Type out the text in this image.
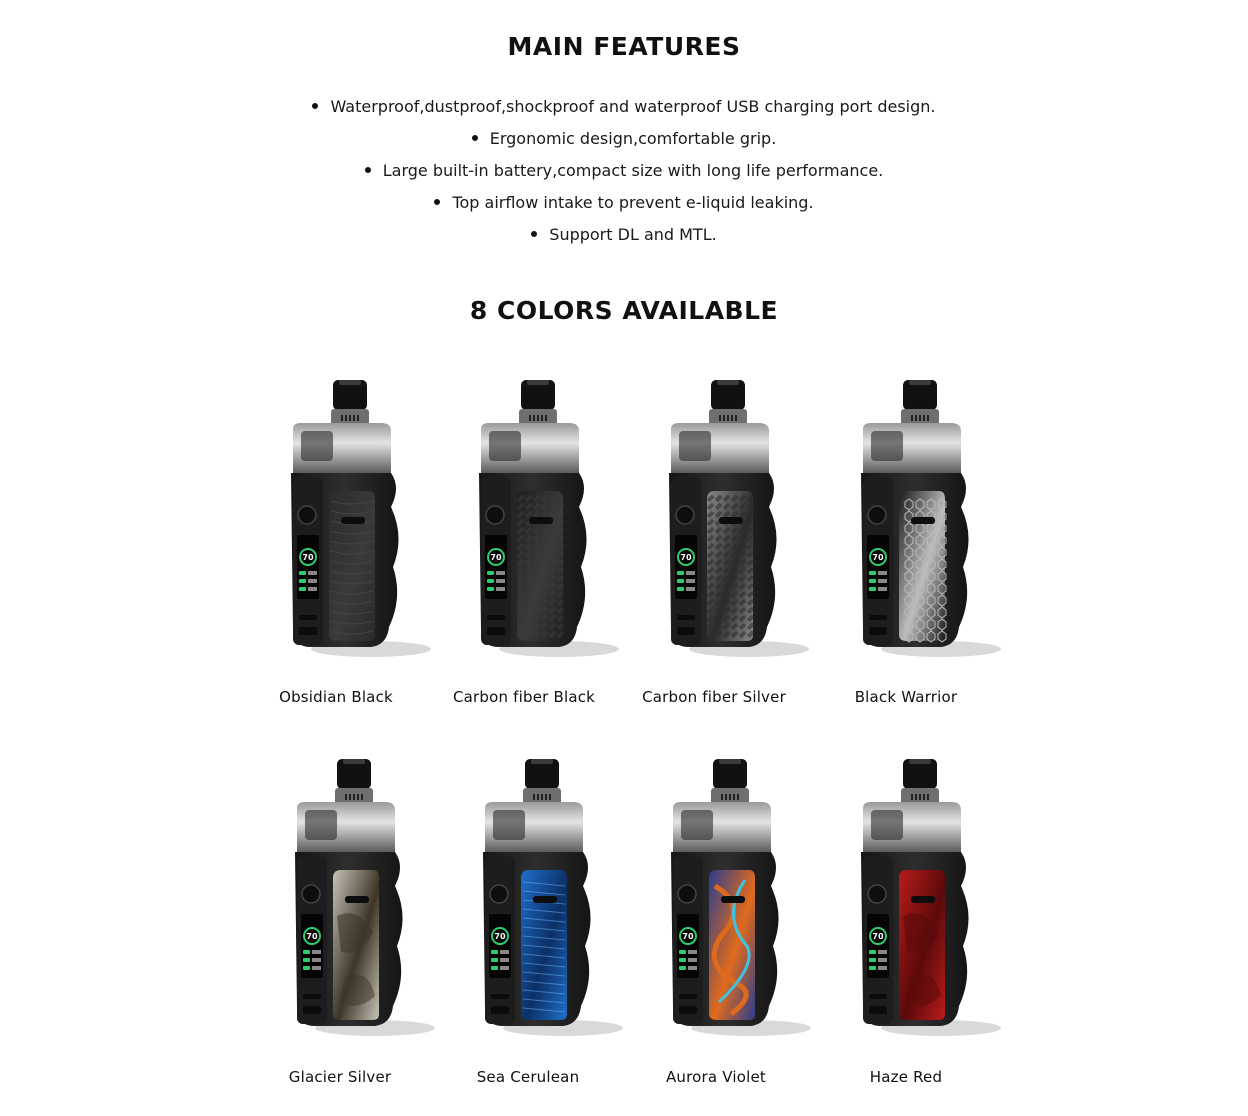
MAIN FEATURES
Waterproof,dustproof,shockproof and waterproof USB charging port design.
Ergonomic design,comfortable grip.
Large built-in battery,compact size with long life performance.
Top airflow intake to prevent e-liquid leaking.
Support DL and MTL.
8 COLORS AVAILABLE
70
Obsidian Black
70
Carbon fiber Black
70
Carbon fiber Silver
70
Black Warrior
70
Glacier Silver
70
Sea Cerulean
70
Aurora Violet
70
Haze Red
